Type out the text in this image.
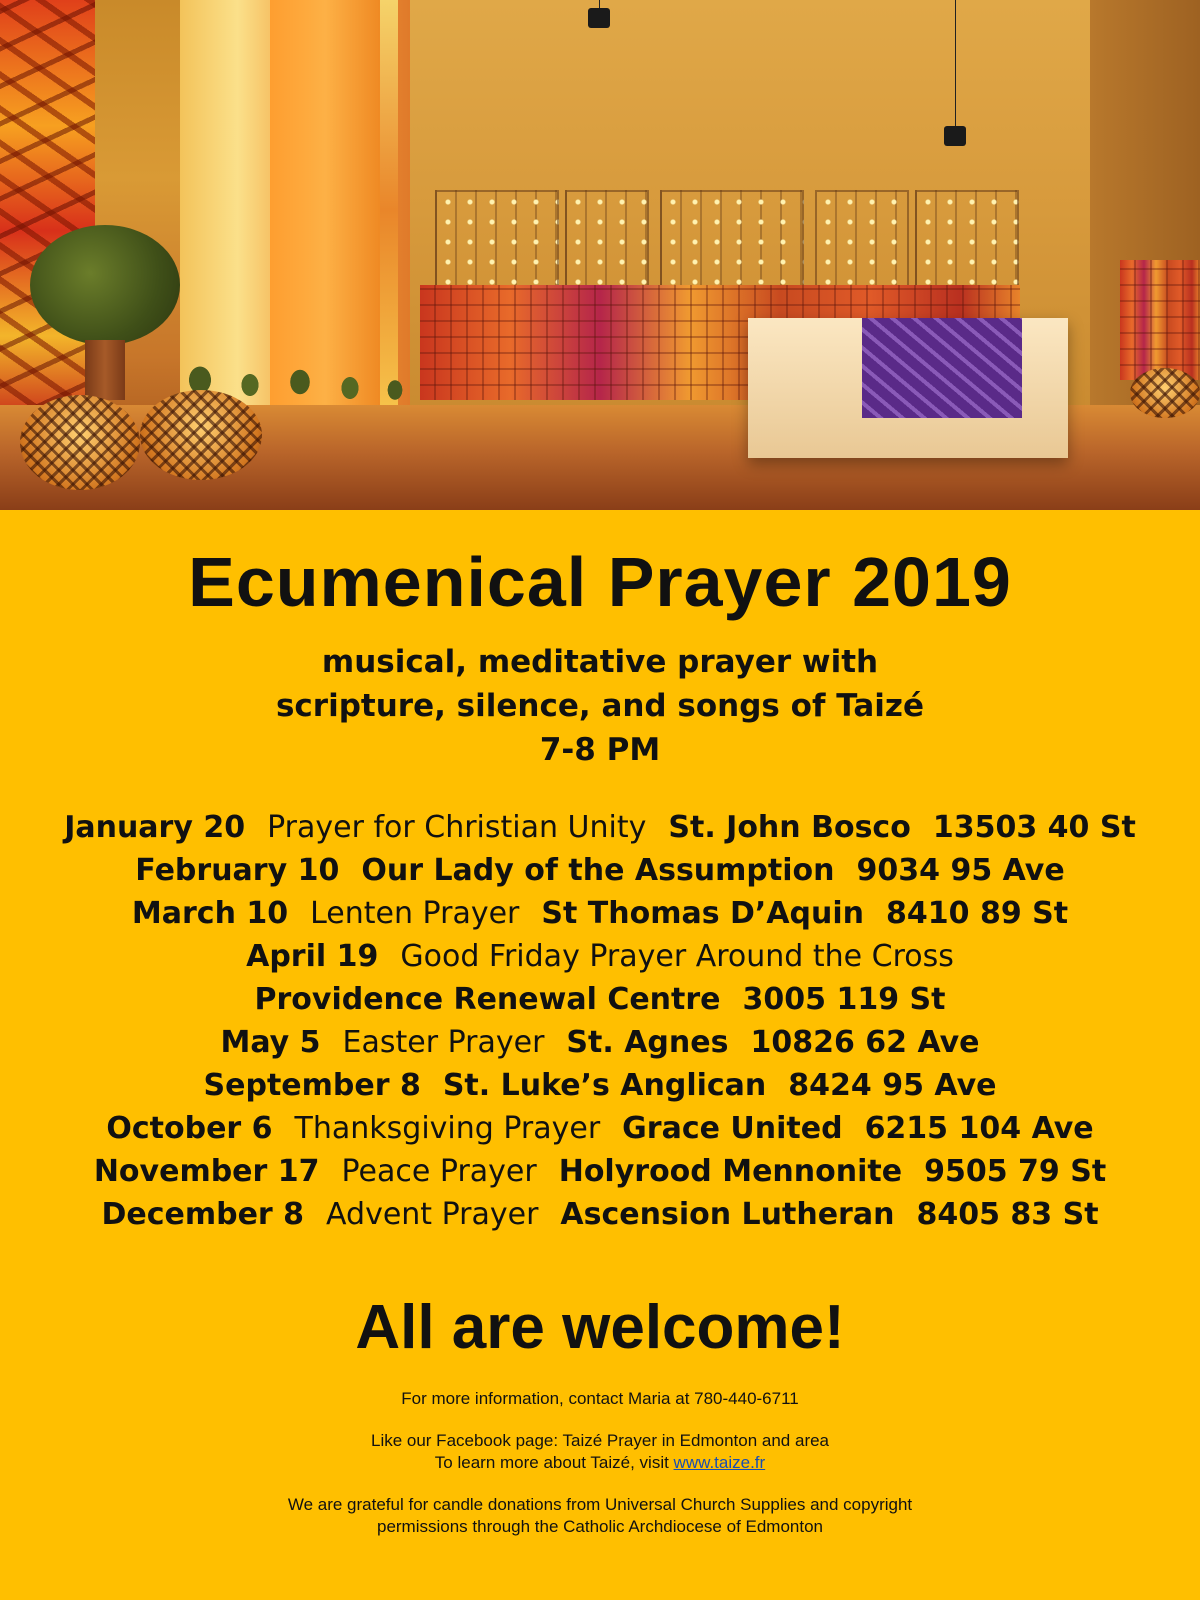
Ecumenical Prayer 2019
musical, meditative prayer with
scripture, silence, and songs of Taizé
7-8 PM
January 20 Prayer for Christian Unity St. John Bosco 13503 40 St
February 10 Our Lady of the Assumption 9034 95 Ave
March 10 Lenten Prayer St Thomas D’Aquin 8410 89 St
April 19 Good Friday Prayer Around the Cross
Providence Renewal Centre 3005 119 St
May 5 Easter Prayer St. Agnes 10826 62 Ave
September 8 St. Luke’s Anglican 8424 95 Ave
October 6 Thanksgiving Prayer Grace United 6215 104 Ave
November 17 Peace Prayer Holyrood Mennonite 9505 79 St
December 8 Advent Prayer Ascension Lutheran 8405 83 St
All are welcome!

For more information, contact Maria at 780-440-6711

Like our Facebook page: Taizé Prayer in Edmonton and area

To learn more about Taizé, visit www.taize.fr

We are grateful for candle donations from Universal Church Supplies and copyright

permissions through the Catholic Archdiocese of Edmonton
